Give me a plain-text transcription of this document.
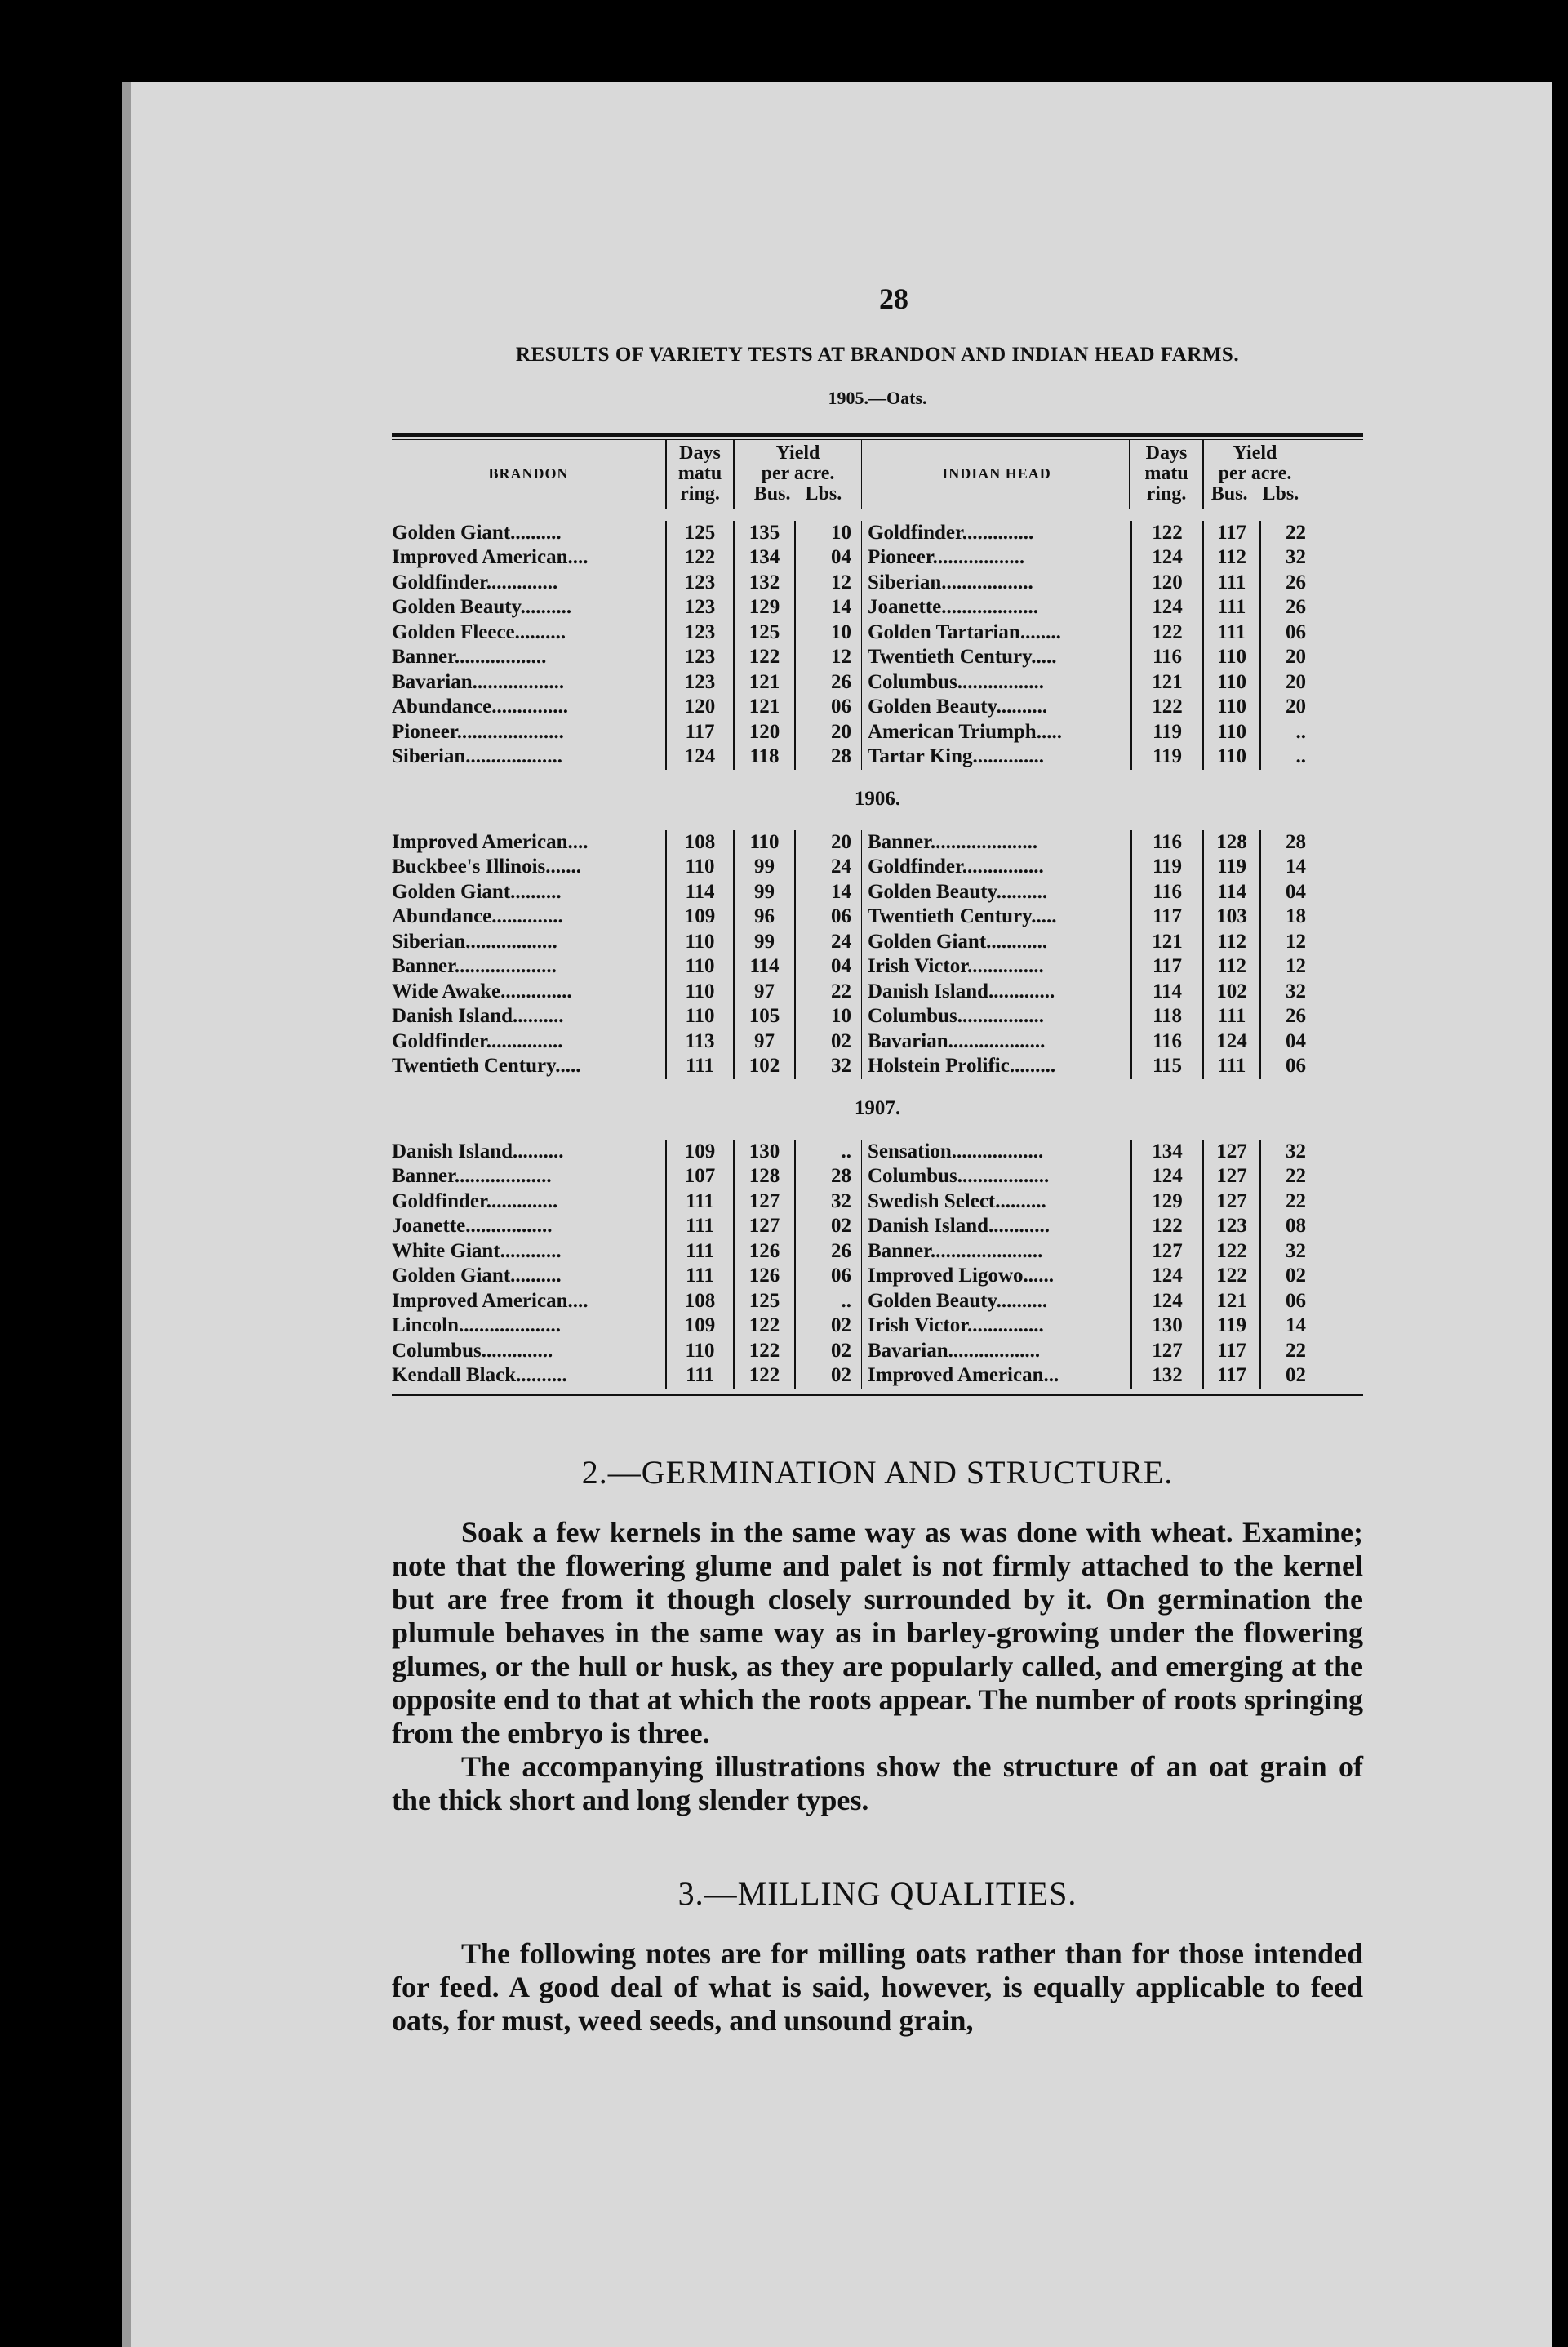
28
RESULTS OF VARIETY TESTS AT BRANDON AND INDIAN HEAD FARMS.
1905.—Oats.
BRANDON
Days
matu
ring.
Yield
per acre.
Bus. Lbs.
INDIAN HEAD
Days
matu
ring.
Yield
per acre.
Bus. Lbs.
Golden Giant..........	125	135	10 Goldfinder..............	122	117	22
Improved American....	122	134	04 Pioneer..................	124	112	32
Goldfinder..............	123	132	12 Siberian..................	120	111	26
Golden Beauty..........	123	129	14 Joanette...................	124	111	26
Golden Fleece..........	123	125	10 Golden Tartarian........	122	111	06
Banner..................	123	122	12 Twentieth Century.....	116	110	20
Bavarian..................	123	121	26 Columbus.................	121	110	20
Abundance...............	120	121	06 Golden Beauty..........	122	110	20
Pioneer.....................	117	120	20 American Triumph.....	119	110	..
Siberian...................	124	118	28 Tartar King..............	119	110	..
1906.
Improved American....	108	110	20 Banner.....................	116	128	28
Buckbee's Illinois.......	110	99	24 Goldfinder................	119	119	14
Golden Giant..........	114	99	14 Golden Beauty..........	116	114	04
Abundance..............	109	96	06 Twentieth Century.....	117	103	18
Siberian..................	110	99	24 Golden Giant............	121	112	12
Banner....................	110	114	04 Irish Victor...............	117	112	12
Wide Awake..............	110	97	22 Danish Island.............	114	102	32
Danish Island..........	110	105	10 Columbus.................	118	111	26
Goldfinder...............	113	97	02 Bavarian...................	116	124	04
Twentieth Century.....	111	102	32 Holstein Prolific.........	115	111	06
1907.
Danish Island..........	109	130	.. Sensation..................	134	127	32
Banner...................	107	128	28 Columbus..................	124	127	22
Goldfinder..............	111	127	32 Swedish Select..........	129	127	22
Joanette.................	111	127	02 Danish Island............	122	123	08
White Giant............	111	126	26 Banner......................	127	122	32
Golden Giant..........	111	126	06 Improved Ligowo......	124	122	02
Improved American....	108	125	.. Golden Beauty..........	124	121	06
Lincoln....................	109	122	02 Irish Victor...............	130	119	14
Columbus..............	110	122	02 Bavarian..................	127	117	22
Kendall Black..........	111	122	02 Improved American...	132	117	02
2.—GERMINATION AND STRUCTURE.

Soak a few kernels in the same way as was done with wheat. Examine; note that the flowering glume and palet is not firmly attached to the kernel but are free from it though closely surrounded by it. On germination the plumule behaves in the same way as in barley-growing under the flowering glumes, or the hull or husk, as they are popularly called, and emerging at the opposite end to that at which the roots appear. The number of roots springing from the embryo is three.

The accompanying illustrations show the structure of an oat grain of the thick short and long slender types.

3.—MILLING QUALITIES.

The following notes are for milling oats rather than for those intended for feed. A good deal of what is said, however, is equally applicable to feed oats, for must, weed seeds, and unsound grain,
